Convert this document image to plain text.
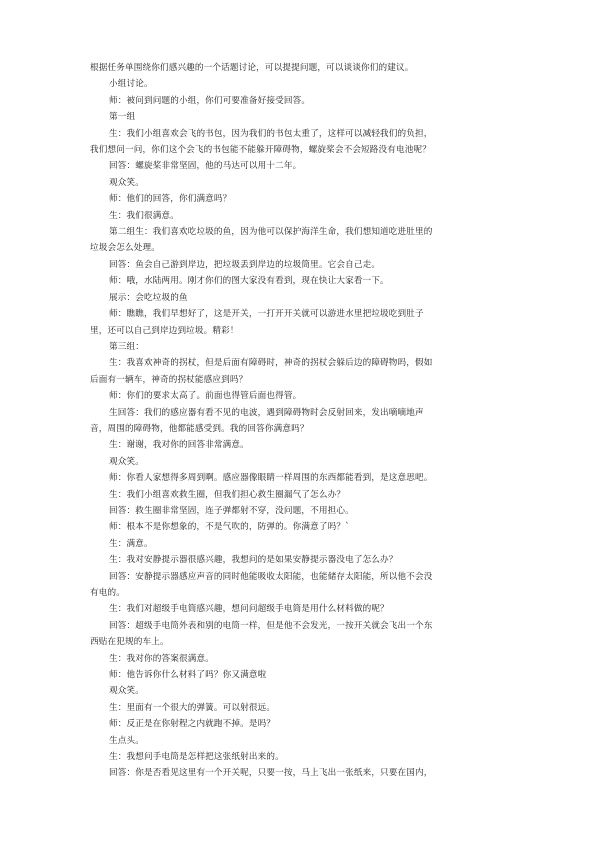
根据任务单围绕你们感兴趣的一个话题讨论，可以提提问题，可以谈谈你们的建议。
小组讨论。
师：被问到问题的小组，你们可要准备好接受回答。
第一组
生：我们小组喜欢会飞的书包，因为我们的书包太重了，这样可以减轻我们的负担，
我们想问一问，你们这个会飞的书包能不能躲开障碍物，螺旋桨会不会短路没有电池呢？
回答：螺旋桨非常坚固，他的马达可以用十二年。
观众笑。
师：他们的回答，你们满意吗？
生：我们很满意。
第二组生：我们喜欢吃垃圾的鱼，因为他可以保护海洋生命，我们想知道吃进肚里的
垃圾会怎么处理。
回答：鱼会自己游到岸边，把垃圾丢到岸边的垃圾筒里。它会自己走。
师：哦，水陆两用。刚才你们的图大家没有看到，现在快让大家看一下。
展示：会吃垃圾的鱼
师：瞧瞧，我们早想好了，这是开关，一打开开关就可以游进水里把垃圾吃到肚子
里，还可以自己到岸边到垃圾。精彩！
第三组：
生：我喜欢神奇的拐杖，但是后面有障碍时，神奇的拐杖会躲后边的障碍物吗，假如
后面有一辆车，神奇的拐杖能感应到吗？
师：你们的要求太高了。前面也得管后面也得管。
生回答：我们的感应器有看不见的电波，遇到障碍物时会反射回来，发出嘀嘀地声
音，周围的障碍物，他都能感受到。我的回答你满意吗？
生：谢谢，我对你的回答非常满意。
观众笑。
师：你看人家想得多周到啊。感应器像眼睛一样周围的东西都能看到，是这意思吧。
生：我们小组喜欢救生圈，但我们担心救生圈漏气了怎么办？
回答：救生圈非常坚固，连子弹都射不穿，没问题，不用担心。
师：根本不是你想象的，不是气吹的，防弹的。你满意了吗？`
生：满意。
生：我对安静提示器很感兴趣，我想问的是如果安静提示器没电了怎么办？
回答：安静提示器感应声音的同时他能吸收太阳能，也能储存太阳能，所以他不会没
有电的。
生：我们对超级手电筒感兴趣，想问问超级手电筒是用什么材料做的呢？
回答：超级手电筒外表和别的电筒一样，但是他不会发光，一按开关就会飞出一个东
西贴在犯规的车上。
生：我对你的答案很满意。
师：他告诉你什么材料了吗？你又满意啦
观众笑。
生：里面有一个很大的弹簧。可以射很远。
师：反正是在你射程之内就跑不掉。是吗？
生点头。
生：我想问手电筒是怎样把这张纸射出来的。
回答：你是否看见这里有一个开关呢，只要一按，马上飞出一张纸来，只要在国内，
